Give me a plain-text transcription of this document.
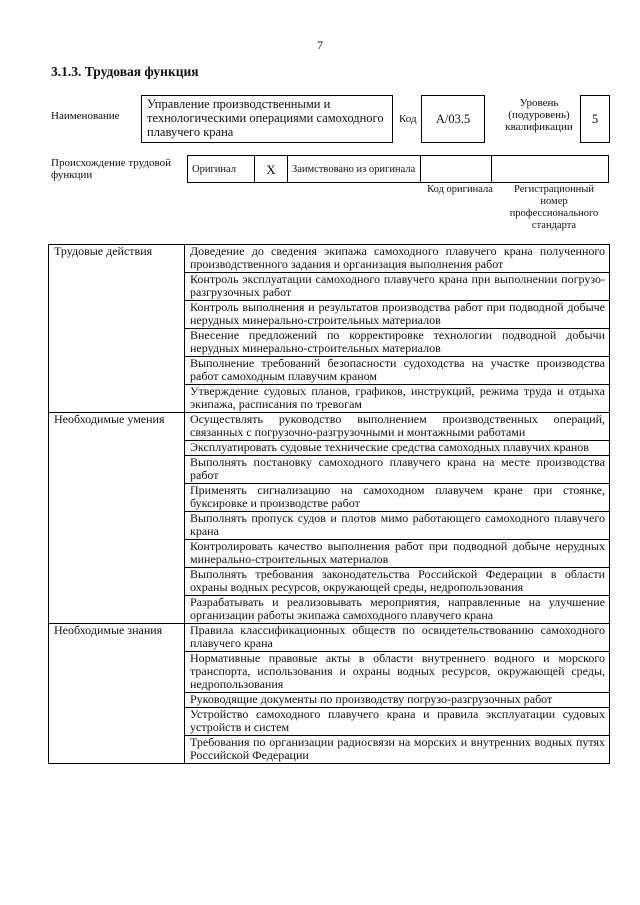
7
3.1.3. Трудовая функция
Наименование
Управление производственными и технологическими операциями самоходного плавучего крана
Код	A/03.5
Уровень (подуровень) квалификации
5
Происхождение трудовой функции	Оригинал	X	Заимствовано из оригинала		
Код оригинала	Регистрационный номер профессионального стандарта
Трудовые действия	Доведение до сведения экипажа самоходного плавучего крана полученного производственного задания и организация выполнения работ
	Контроль эксплуатации самоходного плавучего крана при выполнении погрузо-разгрузочных работ
	Контроль выполнения и результатов производства работ при подводной добыче нерудных минерально-строительных материалов
	Внесение предложений по корректировке технологии подводной добычи нерудных минерально-строительных материалов
	Выполнение требований безопасности судоходства на участке производства работ самоходным плавучим краном
	Утверждение судовых планов, графиков, инструкций, режима труда и отдыха экипажа, расписания по тревогам
Необходимые умения	Осуществлять руководство выполнением производственных операций, связанных с погрузочно-разгрузочными и монтажными работами
	Эксплуатировать судовые технические средства самоходных плавучих кранов
	Выполнять постановку самоходного плавучего крана на месте производства работ
	Применять сигнализацию на самоходном плавучем кране при стоянке, буксировке и производстве работ
	Выполнять пропуск судов и плотов мимо работающего самоходного плавучего крана
	Контролировать качество выполнения работ при подводной добыче нерудных минерально-строительных материалов
	Выполнять требования законодательства Российской Федерации в области охраны водных ресурсов, окружающей среды, недропользования
	Разрабатывать и реализовывать мероприятия, направленные на улучшение организации работы экипажа самоходного плавучего крана
Необходимые знания	Правила классификационных обществ по освидетельствованию самоходного плавучего крана
	Нормативные правовые акты в области внутреннего водного и морского транспорта, использования и охраны водных ресурсов, окружающей среды, недропользования
	Руководящие документы по производству погрузо-разгрузочных работ
	Устройство самоходного плавучего крана и правила эксплуатации судовых устройств и систем
	Требования по организации радиосвязи на морских и внутренних водных путях Российской Федерации
